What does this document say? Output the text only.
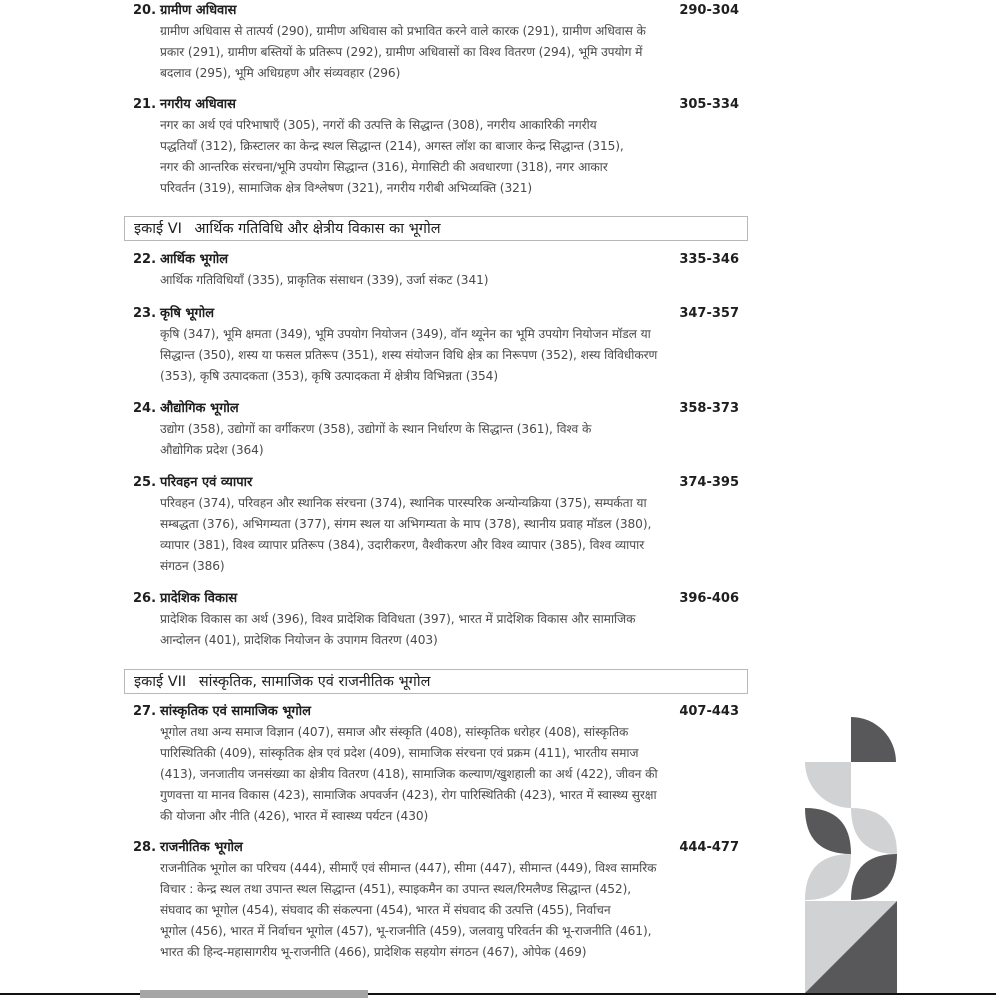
20. ग्रामीण अधिवास	290-304
ग्रामीण अधिवास से तात्पर्य (290), ग्रामीण अधिवास को प्रभावित करने वाले कारक (291), ग्रामीण अधिवास के
प्रकार (291), ग्रामीण बस्तियों के प्रतिरूप (292), ग्रामीण अधिवासों का विश्व वितरण (294), भूमि उपयोग में
बदलाव (295), भूमि अधिग्रहण और संव्यवहार (296)
21. नगरीय अधिवास	305-334
नगर का अर्थ एवं परिभाषाएँ (305), नगरों की उत्पत्ति के सिद्धान्त (308), नगरीय आकारिकी नगरीय
पद्धतियाँ (312), क्रिस्टालर का केन्द्र स्थल सिद्धान्त (214), अगस्त लॉश का बाजार केन्द्र सिद्धान्त (315),
नगर की आन्तरिक संरचना/भूमि उपयोग सिद्धान्त (316), मेगासिटी की अवधारणा (318), नगर आकार
परिवर्तन (319), सामाजिक क्षेत्र विश्लेषण (321), नगरीय गरीबी अभिव्यक्ति (321)
इकाई VI आर्थिक गतिविधि और क्षेत्रीय विकास का भूगोल
22. आर्थिक भूगोल	335-346
आर्थिक गतिविधियाँ (335), प्राकृतिक संसाधन (339), उर्जा संकट (341)
23. कृषि भूगोल	347-357
कृषि (347), भूमि क्षमता (349), भूमि उपयोग नियोजन (349), वॉन थ्यूनेन का भूमि उपयोग नियोजन मॉडल या
सिद्धान्त (350), शस्य या फसल प्रतिरूप (351), शस्य संयोजन विधि क्षेत्र का निरूपण (352), शस्य विविधीकरण
(353), कृषि उत्पादकता (353), कृषि उत्पादकता में क्षेत्रीय विभिन्नता (354)
24. औद्योगिक भूगोल	358-373
उद्योग (358), उद्योगों का वर्गीकरण (358), उद्योगों के स्थान निर्धारण के सिद्धान्त (361), विश्व के
औद्योगिक प्रदेश (364)
25. परिवहन एवं व्यापार	374-395
परिवहन (374), परिवहन और स्थानिक संरचना (374), स्थानिक पारस्परिक अन्योन्यक्रिया (375), सम्पर्कता या
सम्बद्धता (376), अभिगम्यता (377), संगम स्थल या अभिगम्यता के माप (378), स्थानीय प्रवाह मॉडल (380),
व्यापार (381), विश्व व्यापार प्रतिरूप (384), उदारीकरण, वैश्वीकरण और विश्व व्यापार (385), विश्व व्यापार
संगठन (386)
26. प्रादेशिक विकास	396-406
प्रादेशिक विकास का अर्थ (396), विश्व प्रादेशिक विविधता (397), भारत में प्रादेशिक विकास और सामाजिक
आन्दोलन (401), प्रादेशिक नियोजन के उपागम वितरण (403)
इकाई VII सांस्कृतिक, सामाजिक एवं राजनीतिक भूगोल
27. सांस्कृतिक एवं सामाजिक भूगोल	407-443
भूगोल तथा अन्य समाज विज्ञान (407), समाज और संस्कृति (408), सांस्कृतिक धरोहर (408), सांस्कृतिक
पारिस्थितिकी (409), सांस्कृतिक क्षेत्र एवं प्रदेश (409), सामाजिक संरचना एवं प्रक्रम (411), भारतीय समाज
(413), जनजातीय जनसंख्या का क्षेत्रीय वितरण (418), सामाजिक कल्याण/खुशहाली का अर्थ (422), जीवन की
गुणवत्ता या मानव विकास (423), सामाजिक अपवर्जन (423), रोग पारिस्थितिकी (423), भारत में स्वास्थ्य सुरक्षा
की योजना और नीति (426), भारत में स्वास्थ्य पर्यटन (430)
28. राजनीतिक भूगोल	444-477
राजनीतिक भूगोल का परिचय (444), सीमाएँ एवं सीमान्त (447), सीमा (447), सीमान्त (449), विश्व सामरिक
विचार : केन्द्र स्थल तथा उपान्त स्थल सिद्धान्त (451), स्पाइकमैन का उपान्त स्थल/रिमलैण्ड सिद्धान्त (452),
संघवाद का भूगोल (454), संघवाद की संकल्पना (454), भारत में संघवाद की उत्पत्ति (455), निर्वाचन
भूगोल (456), भारत में निर्वाचन भूगोल (457), भू-राजनीति (459), जलवायु परिवर्तन की भू-राजनीति (461),
भारत की हिन्द-महासागरीय भू-राजनीति (466), प्रादेशिक सहयोग संगठन (467), ओपेक (469)
